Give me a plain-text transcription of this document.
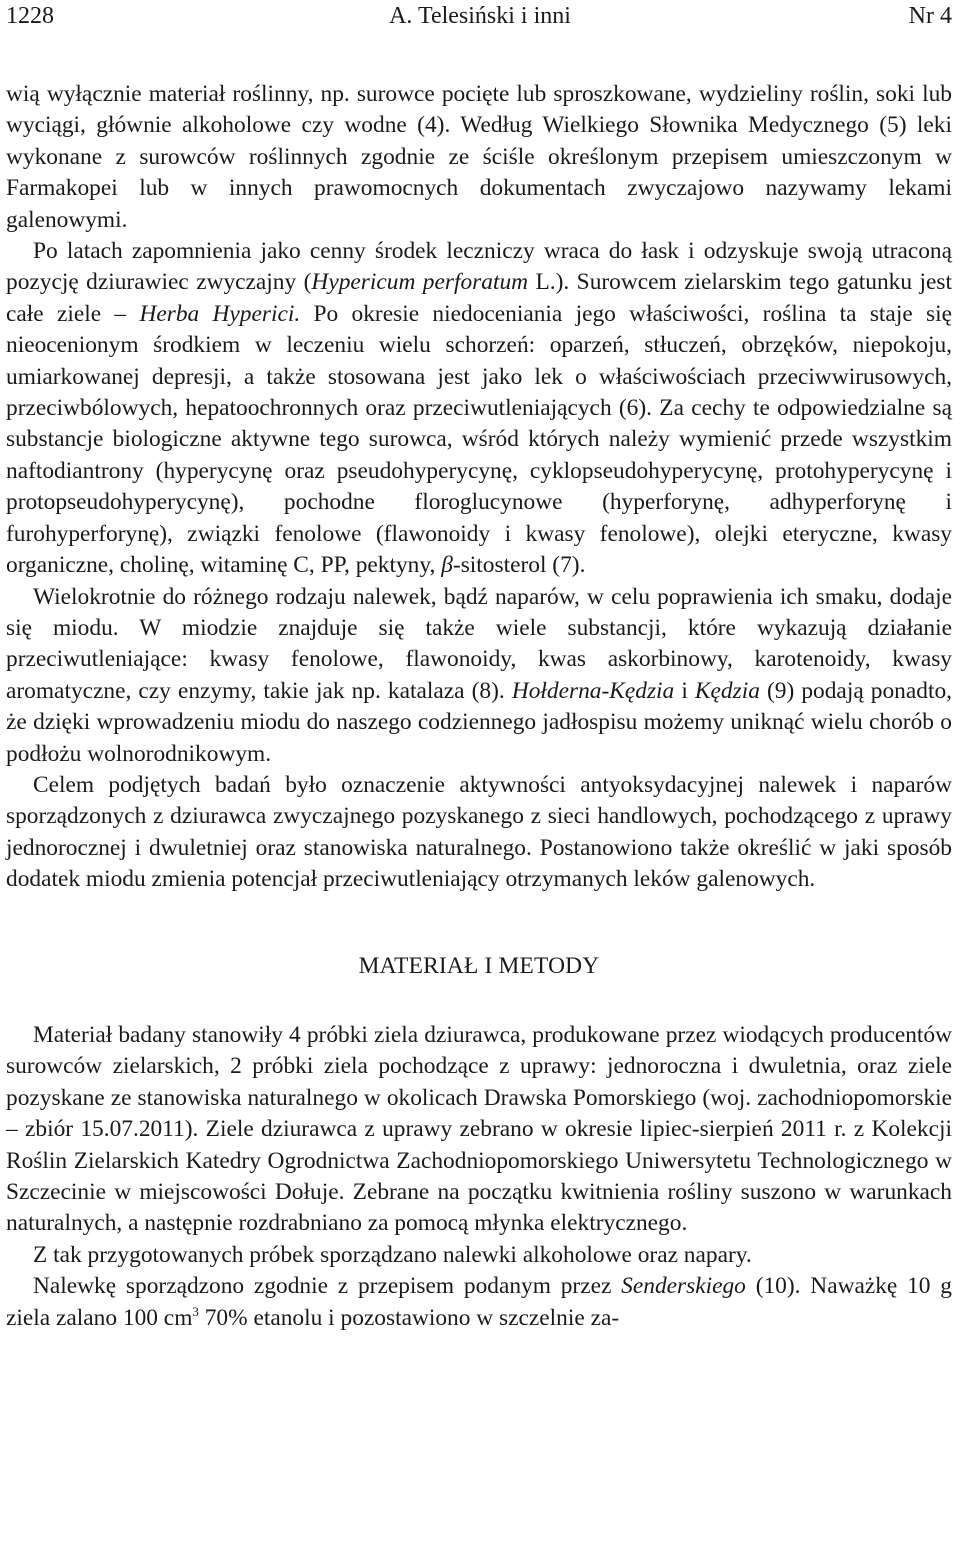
1228	A. Telesiński i inni	Nr 4

wią wyłącznie materiał roślinny, np. surowce pocięte lub sproszkowane, wydzieliny roślin, soki lub wyciągi, głównie alkoholowe czy wodne (4). Według Wielkiego Słownika Medycznego (5) leki wykonane z surowców roślinnych zgodnie ze ściśle określonym przepisem umieszczonym w Farmakopei lub w innych prawomocnych dokumentach zwyczajowo nazywamy lekami galenowymi.

Po latach zapomnienia jako cenny środek leczniczy wraca do łask i odzyskuje swoją utraconą pozycję dziurawiec zwyczajny (Hypericum perforatum L.). Surowcem zielarskim tego gatunku jest całe ziele – Herba Hyperici. Po okresie niedoceniania jego właściwości, roślina ta staje się nieocenionym środkiem w leczeniu wielu schorzeń: oparzeń, stłuczeń, obrzęków, niepokoju, umiarkowanej depresji, a także stosowana jest jako lek o właściwościach przeciwwirusowych, przeciwbólowych, hepatoochronnych oraz przeciwutleniających (6). Za cechy te odpowiedzialne są substancje biologiczne aktywne tego surowca, wśród których należy wymienić przede wszystkim naftodiantrony (hyperycynę oraz pseudohyperycynę, cyklopseudohyperycynę, protohyperycynę i protopseudohyperycynę), pochodne floroglucynowe (hyperforynę, adhyperforynę i furohyperforynę), związki fenolowe (flawonoidy i kwasy fenolowe), olejki eteryczne, kwasy organiczne, cholinę, witaminę C, PP, pektyny, β-sitosterol (7).

Wielokrotnie do różnego rodzaju nalewek, bądź naparów, w celu poprawienia ich smaku, dodaje się miodu. W miodzie znajduje się także wiele substancji, które wykazują działanie przeciwutleniające: kwasy fenolowe, flawonoidy, kwas askorbinowy, karotenoidy, kwasy aromatyczne, czy enzymy, takie jak np. katalaza (8). Hołderna-Kędzia i Kędzia (9) podają ponadto, że dzięki wprowadzeniu miodu do naszego codziennego jadłospisu możemy uniknąć wielu chorób o podłożu wolnorodnikowym.

Celem podjętych badań było oznaczenie aktywności antyoksydacyjnej nalewek i naparów sporządzonych z dziurawca zwyczajnego pozyskanego z sieci handlowych, pochodzącego z uprawy jednorocznej i dwuletniej oraz stanowiska naturalnego. Postanowiono także określić w jaki sposób dodatek miodu zmienia potencjał przeciwutleniający otrzymanych leków galenowych.

MATERIAŁ I METODY

Materiał badany stanowiły 4 próbki ziela dziurawca, produkowane przez wiodących producentów surowców zielarskich, 2 próbki ziela pochodzące z uprawy: jednoroczna i dwuletnia, oraz ziele pozyskane ze stanowiska naturalnego w okolicach Drawska Pomorskiego (woj. zachodniopomorskie – zbiór 15.07.2011). Ziele dziurawca z uprawy zebrano w okresie lipiec-sierpień 2011 r. z Kolekcji Roślin Zielarskich Katedry Ogrodnictwa Zachodniopomorskiego Uniwersytetu Technologicznego w Szczecinie w miejscowości Dołuje. Zebrane na początku kwitnienia rośliny suszono w warunkach naturalnych, a następnie rozdrabniano za pomocą młynka elektrycznego.

Z tak przygotowanych próbek sporządzano nalewki alkoholowe oraz napary.

Nalewkę sporządzono zgodnie z przepisem podanym przez Senderskiego (10). Naważkę 10 g ziela zalano 100 $cm^3$ 70% etanolu i pozostawiono w szczelnie za-
